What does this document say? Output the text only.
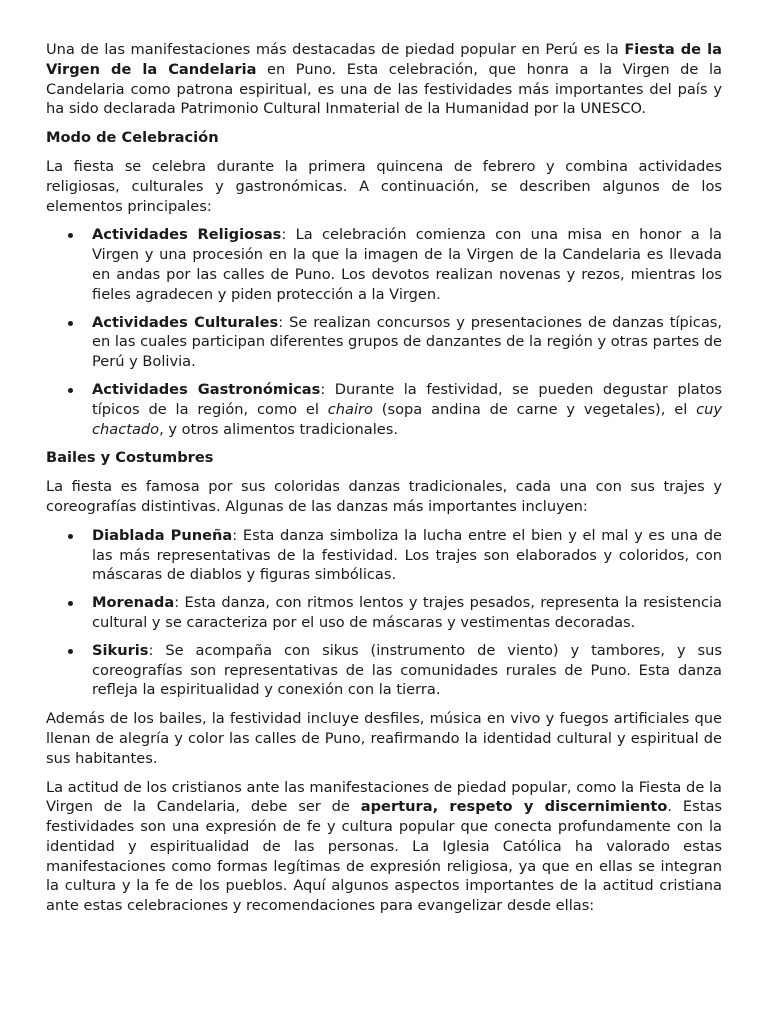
Una de las manifestaciones más destacadas de piedad popular en Perú es la Fiesta de la Virgen de la Candelaria en Puno. Esta celebración, que honra a la Virgen de la Candelaria como patrona espiritual, es una de las festividades más importantes del país y ha sido declarada Patrimonio Cultural Inmaterial de la Humanidad por la UNESCO.

Modo de Celebración

La fiesta se celebra durante la primera quincena de febrero y combina actividades religiosas, culturales y gastronómicas. A continuación, se describen algunos de los elementos principales:

Actividades Religiosas: La celebración comienza con una misa en honor a la Virgen y una procesión en la que la imagen de la Virgen de la Candelaria es llevada en andas por las calles de Puno. Los devotos realizan novenas y rezos, mientras los fieles agradecen y piden protección a la Virgen.
Actividades Culturales: Se realizan concursos y presentaciones de danzas típicas, en las cuales participan diferentes grupos de danzantes de la región y otras partes de Perú y Bolivia.
Actividades Gastronómicas: Durante la festividad, se pueden degustar platos típicos de la región, como el chairo (sopa andina de carne y vegetales), el cuy chactado, y otros alimentos tradicionales.
Bailes y Costumbres

La fiesta es famosa por sus coloridas danzas tradicionales, cada una con sus trajes y coreografías distintivas. Algunas de las danzas más importantes incluyen:

Diablada Puneña: Esta danza simboliza la lucha entre el bien y el mal y es una de las más representativas de la festividad. Los trajes son elaborados y coloridos, con máscaras de diablos y figuras simbólicas.
Morenada: Esta danza, con ritmos lentos y trajes pesados, representa la resistencia cultural y se caracteriza por el uso de máscaras y vestimentas decoradas.
Sikuris: Se acompaña con sikus (instrumento de viento) y tambores, y sus coreografías son representativas de las comunidades rurales de Puno. Esta danza refleja la espiritualidad y conexión con la tierra.

Además de los bailes, la festividad incluye desfiles, música en vivo y fuegos artificiales que llenan de alegría y color las calles de Puno, reafirmando la identidad cultural y espiritual de sus habitantes.

La actitud de los cristianos ante las manifestaciones de piedad popular, como la Fiesta de la Virgen de la Candelaria, debe ser de apertura, respeto y discernimiento. Estas festividades son una expresión de fe y cultura popular que conecta profundamente con la identidad y espiritualidad de las personas. La Iglesia Católica ha valorado estas manifestaciones como formas legítimas de expresión religiosa, ya que en ellas se integran la cultura y la fe de los pueblos. Aquí algunos aspectos importantes de la actitud cristiana ante estas celebraciones y recomendaciones para evangelizar desde ellas:
